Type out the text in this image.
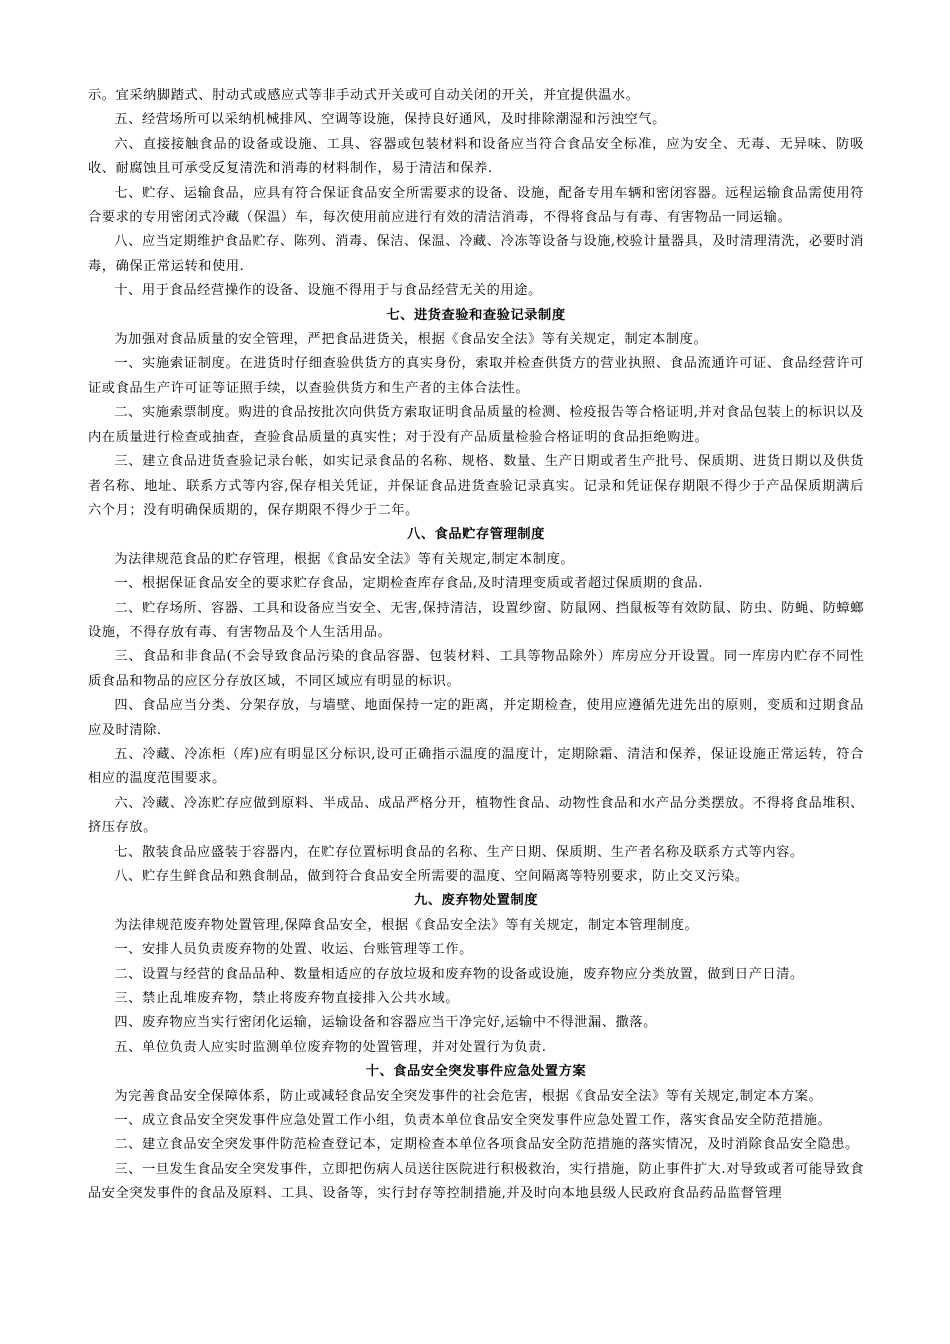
示。宜采纳脚踏式、肘动式或感应式等非手动式开关或可自动关闭的开关，并宜提供温水。

五、经营场所可以采纳机械排风、空调等设施，保持良好通风，及时排除潮湿和污浊空气。

六、直接接触食品的设备或设施、工具、容器或包装材料和设备应当符合食品安全标准，应为安全、无毒、无异味、防吸收、耐腐蚀且可承受反复清洗和消毒的材料制作，易于清洁和保养.

七、贮存、运输食品，应具有符合保证食品安全所需要求的设备、设施，配备专用车辆和密闭容器。远程运输食品需使用符合要求的专用密闭式冷藏（保温）车，每次使用前应进行有效的清洁消毒，不得将食品与有毒、有害物品一同运输。

八、应当定期维护食品贮存、陈列、消毒、保洁、保温、冷藏、冷冻等设备与设施,校验计量器具，及时清理清洗，必要时消毒，确保正常运转和使用.

十、用于食品经营操作的设备、设施不得用于与食品经营无关的用途。

七、进货查验和查验记录制度

为加强对食品质量的安全管理，严把食品进货关，根据《食品安全法》等有关规定，制定本制度。

一、实施索证制度。在进货时仔细查验供货方的真实身份，索取并检查供货方的营业执照、食品流通许可证、食品经营许可证或食品生产许可证等证照手续，以查验供货方和生产者的主体合法性。

二、实施索票制度。购进的食品按批次向供货方索取证明食品质量的检测、检疫报告等合格证明,并对食品包装上的标识以及内在质量进行检查或抽查，查验食品质量的真实性；对于没有产品质量检验合格证明的食品拒绝购进。

三、建立食品进货查验记录台帐，如实记录食品的名称、规格、数量、生产日期或者生产批号、保质期、进货日期以及供货者名称、地址、联系方式等内容,保存相关凭证，并保证食品进货查验记录真实。记录和凭证保存期限不得少于产品保质期满后六个月；没有明确保质期的，保存期限不得少于二年。

八、食品贮存管理制度

为法律规范食品的贮存管理，根据《食品安全法》等有关规定,制定本制度。

一、根据保证食品安全的要求贮存食品，定期检查库存食品,及时清理变质或者超过保质期的食品.

二、贮存场所、容器、工具和设备应当安全、无害,保持清洁，设置纱窗、防鼠网、挡鼠板等有效防鼠、防虫、防蝇、防蟑螂设施，不得存放有毒、有害物品及个人生活用品。

三、食品和非食品(不会导致食品污染的食品容器、包装材料、工具等物品除外）库房应分开设置。同一库房内贮存不同性质食品和物品的应区分存放区域，不同区域应有明显的标识。

四、食品应当分类、分架存放，与墙壁、地面保持一定的距离，并定期检查，使用应遵循先进先出的原则，变质和过期食品应及时清除.

五、冷藏、冷冻柜（库)应有明显区分标识,设可正确指示温度的温度计，定期除霜、清洁和保养，保证设施正常运转，符合相应的温度范围要求。

六、冷藏、冷冻贮存应做到原料、半成品、成品严格分开，植物性食品、动物性食品和水产品分类摆放。不得将食品堆积、挤压存放。

七、散装食品应盛装于容器内，在贮存位置标明食品的名称、生产日期、保质期、生产者名称及联系方式等内容。

八、贮存生鲜食品和熟食制品，做到符合食品安全所需要的温度、空间隔离等特别要求，防止交叉污染。

九、废弃物处置制度

为法律规范废弃物处置管理,保障食品安全，根据《食品安全法》等有关规定，制定本管理制度。

一、安排人员负责废弃物的处置、收运、台账管理等工作。

二、设置与经营的食品品种、数量相适应的存放垃圾和废弃物的设备或设施，废弃物应分类放置，做到日产日清。

三、禁止乱堆废弃物，禁止将废弃物直接排入公共水域。

四、废弃物应当实行密闭化运输，运输设备和容器应当干净完好,运输中不得泄漏、撒落。

五、单位负责人应实时监测单位废弃物的处置管理，并对处置行为负责.

十、食品安全突发事件应急处置方案

为完善食品安全保障体系，防止或减轻食品安全突发事件的社会危害，根据《食品安全法》等有关规定,制定本方案。

一、成立食品安全突发事件应急处置工作小组，负责本单位食品安全突发事件应急处置工作，落实食品安全防范措施。

二、建立食品安全突发事件防范检查登记本，定期检查本单位各项食品安全防范措施的落实情况，及时消除食品安全隐患。

三、一旦发生食品安全突发事件，立即把伤病人员送往医院进行积极救治，实行措施，防止事件扩大.对导致或者可能导致食品安全突发事件的食品及原料、工具、设备等，实行封存等控制措施,并及时向本地县级人民政府食品药品监督管理
